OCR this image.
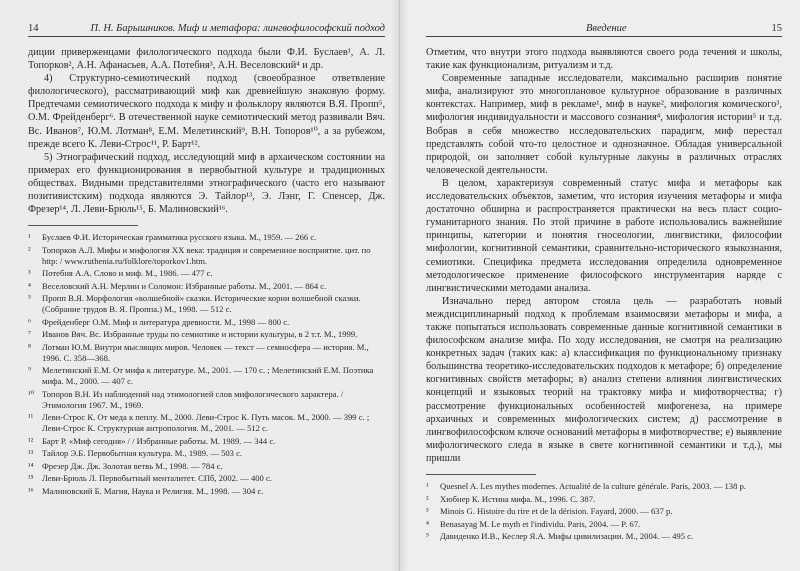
14	П. Н. Барышников. Миф и метафора: лингвофилософский подход

диции приверженцами филологического подхода были Ф.И. Буслаев¹, А. Л. Топорков², А.Н. Афанасьев, А.А. Потебня³, А.Н. Веселовский⁴ и др.

4) Структурно-семиотический подход (своеобразное ответвление филологического), рассматривающий миф как древнейшую знаковую форму. Предтечами семиотического подхода к мифу и фольклору являются В.Я. Пропп⁵, О.М. Фрейденберг⁶. В отечественной науке семиотический метод развивали Вяч. Вс. Иванов⁷, Ю.М. Лотман⁸, Е.М. Мелетинский⁹, В.Н. Топоров¹⁰, а за рубежом, прежде всего К. Леви-Строс¹¹, Р. Барт¹².

5) Этнографический подход, исследующий миф в архаическом состоянии на примерах его функционирования в первобытной культуре и традиционных обществах. Видными представителями этнографического (часто его называют позитивистским) подхода являются Э. Тайлор¹³, Э. Лэнг, Г. Спенсер, Дж. Фрезер¹⁴, Л. Леви-Брюль¹⁵, Б. Малиновский¹⁶.

¹	Буслаев Ф.И. Историческая грамматика русского языка. М., 1959. — 266 с.
²	Топорков А.Л. Мифы и мифология XX века: традиция и современное восприятие. цит. по http: / www.ruthenia.ru/folklore/toporkov1.htm.
³	Потебня А.А. Слово и миф. М., 1986. — 477 с.
⁴	Веселовский А.Н. Мерлин и Соломон: Избранные работы. М., 2001. — 864 с.
⁵	Пропп В.Я. Морфология «волшебной» сказки. Исторические корни волшебной сказки. (Собрание трудов В. Я. Проппа.) М., 1998. — 512 с.
⁶	Фрейденберг О.М. Миф и литература древности. М., 1998 — 800 с.
⁷	Иванов Вяч. Вс. Избранные труды по семиотике и истории культуры, в 2 т.т. М., 1999.
⁸	Лотман Ю.М. Внутри мыслящих миров. Человек — текст — семиосфера — история. М., 1996. С. 358—368.
⁹	Мелетинский Е.М. От мифа к литературе. М., 2001. — 170 с. ; Мелетинский Е.М. Поэтика мифа. М., 2000. — 407 с.
¹⁰ Топоров В.Н. Из наблюдений над этимологией слов мифологического характера. / Этимология 1967. М., 1969.
¹¹	Леви-Строс К. От меда к пеплу. М., 2000. Леви-Строс К. Путь масок. М., 2000. — 399 с. ; Леви-Строс К. Структурная антропология. М., 2001. — 512 с.
¹²	Барт Р. «Миф сегодня» / / Избранные работы. М. 1989. — 344 с.
¹³	Тайлор Э.Б. Первобытная культура. М., 1989. — 503 с.
¹⁴ Фрезер Дж. Дж. Золотая ветвь М., 1998. — 784 с.
¹⁵ Леви-Брюль Л. Первобытный менталитет. СПб, 2002. — 400 с.
¹⁶ Малиновский Б. Магия, Наука и Религия. М., 1998. — 304 с.
Введение	15

Отметим, что внутри этого подхода выявляются своего рода течения и школы, такие как функционализм, ритуализм и т.д.

Современные западные исследователи, максимально расширив понятие мифа, анализируют это многоплановое культурное образование в различных контекстах. Например, миф в рекламе¹, миф в науке², мифология комического³, мифология индивидуальности и массового сознания⁴, мифология истории⁵ и т.д. Вобрав в себя множество исследовательских парадигм, миф перестал представлять собой что-то целостное и однозначное. Обладая универсальной природой, он заполняет собой культурные лакуны в различных отраслях человеческой деятельности.

В целом, характеризуя современный статус мифа и метафоры как исследовательских объектов, заметим, что история изучения метафоры и мифа достаточно обширна и распространяется практически на весь пласт социо-гуманитарного знания. По этой причине в работе использовались важнейшие принципы, категории и понятия гносеологии, лингвистики, философии мифологии, когнитивной семантики, сравнительно-исторического языкознания, семиотики. Специфика предмета исследования определила одновременное методологическое применение философского инструментария наряде с лингвистическими методами анализа.

Изначально перед автором стояла цель — разработать новый междисциплинарный подход к проблемам взаимосвязи метафоры и мифа, а также попытаться использовать современные данные когнитивной семантики в философском анализе мифа. По ходу исследования, не смотря на реализацию конкретных задач (таких как: а) классификация по функциональному признаку большинства теоретико-исследовательских подходов к метафоре; б) определение когнитивных свойств метафоры; в) анализ степени влияния лингвистических концепций и языковых теорий на трактовку мифа и мифотворчества; г) рассмотрение функциональных особенностей мифогенеза, на примере архаичных и современных мифологических систем; д) рассмотрение в лингвофилософском ключе оснований метафоры в мифотворчестве; е) выявление мифологического следа в языке в свете когнитивной семантики и т.д.), мы пришли

¹	Quesnel A. Les mythes modernes. Actualité de la culture générale. Paris, 2003. — 138 p.
²	Хюбнер К. Истина мифа. М., 1996. С. 387.
³	Minois G. Histoire du rire et de la dérision. Fayard, 2000. — 637 p.
⁴	Benasayag M. Le myth et l'individu. Paris, 2004. — P. 67.
⁵	Давиденко И.В., Кеслер Я.А. Мифы цивилизации. М., 2004. — 495 с.
